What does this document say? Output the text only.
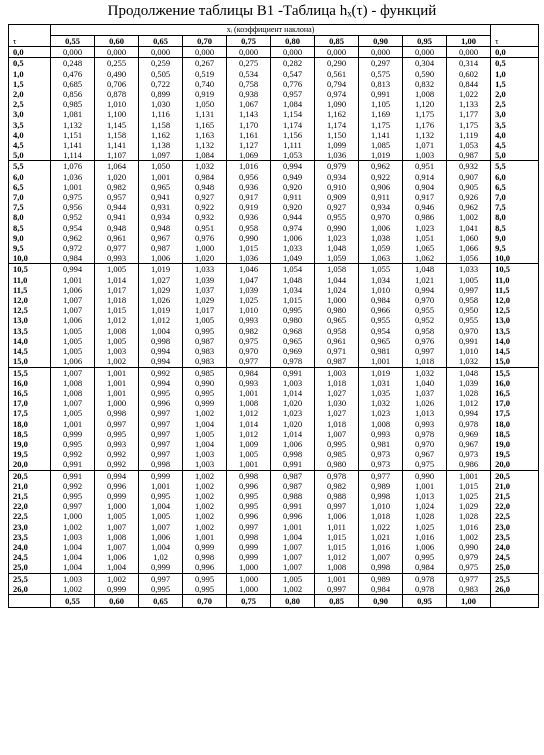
Продолжение таблицы В1 -Таблица hₓ(τ) - функций
	xᵢ (коэффициент наклона)										
τ	0,55	0,60	0,65	0,70	0,75	0,80	0,85	0,90	0,95	1,00	τ
0,0	0,000	0,000	0,000	0,000	0,000	0,000	0,000	0,000	0,000	0,000	0,0
0,5	0,248	0,255	0,259	0,267	0,275	0,282	0,290	0,297	0,304	0,314	0,5
1,0	0,476	0,490	0,505	0,519	0,534	0,547	0,561	0,575	0,590	0,602	1,0
1,5	0,685	0,706	0,722	0,740	0,758	0,776	0,794	0,813	0,832	0,844	1,5
2,0	0,856	0,878	0,899	0,919	0,938	0,957	0,974	0,991	1,008	1,022	2,0
2,5	0,985	1,010	1,030	1,050	1,067	1,084	1,090	1,105	1,120	1,133	2,5
3,0	1,081	1,100	1,116	1,131	1,143	1,154	1,162	1,169	1,175	1,177	3,0
3,5	1,132	1,145	1,158	1,165	1,170	1,174	1,174	1,175	1,176	1,175	3,5
4,0	1,151	1,158	1,162	1,163	1,161	1,156	1,150	1,141	1,132	1,119	4,0
4,5	1,141	1,141	1,138	1,132	1,127	1,111	1,099	1,085	1,071	1,053	4,5
5,0	1,114	1,107	1,097	1,084	1,069	1,053	1,036	1,019	1,003	0,987	5,0
5,5	1,076	1,064	1,050	1,032	1,016	0,994	0,979	0,962	0,951	0,932	5,5
6,0	1,036	1,020	1,001	0,984	0,956	0,949	0,934	0,922	0,914	0,907	6,0
6,5	1,001	0,982	0,965	0,948	0,936	0,920	0,910	0,906	0,904	0,905	6,5
7,0	0,975	0,957	0,941	0,927	0,917	0,911	0,909	0,911	0,917	0,926	7,0
7,5	0,956	0,944	0,931	0,922	0,919	0,920	0,927	0,934	0,946	0,962	7,5
8,0	0,952	0,941	0,934	0,932	0,936	0,944	0,955	0,970	0,986	1,002	8,0
8,5	0,954	0,948	0,948	0,951	0,958	0,974	0,990	1,006	1,023	1,041	8,5
9,0	0,962	0,961	0,967	0,976	0,990	1,006	1,023	1,038	1,051	1,060	9,0
9,5	0,972	0,977	0,987	1,000	1,015	1,033	1,048	1,059	1,065	1,066	9,5
10,0	0,984	0,993	1,006	1,020	1,036	1,049	1,059	1,063	1,062	1,056	10,0
10,5	0,994	1,005	1,019	1,033	1,046	1,054	1,058	1,055	1,048	1,033	10,5
11,0	1,001	1,014	1,027	1,039	1,047	1,048	1,044	1,034	1,021	1,005	11,0
11,5	1,006	1,017	1,029	1,037	1,039	1,034	1,024	1,010	0,994	0,997	11,5
12,0	1,007	1,018	1,026	1,029	1,025	1,015	1,000	0,984	0,970	0,958	12,0
12,5	1,007	1,015	1,019	1,017	1,010	0,995	0,980	0,966	0,955	0,950	12,5
13,0	1,006	1,012	1,012	1,005	0,993	0,980	0,965	0,955	0,952	0,955	13,0
13,5	1,005	1,008	1,004	0,995	0,982	0,968	0,958	0,954	0,958	0,970	13,5
14,0	1,005	1,005	0,998	0,987	0,975	0,965	0,961	0,965	0,976	0,991	14,0
14,5	1,005	1,003	0,994	0,983	0,970	0,969	0,971	0,981	0,997	1,010	14,5
15,0	1,006	1,002	0,994	0,983	0,977	0,978	0,987	1,001	1,018	1,032	15,0
15,5	1,007	1,001	0,992	0,985	0,984	0,991	1,003	1,019	1,032	1,048	15,5
16,0	1,008	1,001	0,994	0,990	0,993	1,003	1,018	1,031	1,040	1,039	16,0
16,5	1,008	1,001	0,995	0,995	1,001	1,014	1,027	1,035	1,037	1,028	16,5
17,0	1,007	1,000	0,996	0,999	1,008	1,020	1,030	1,032	1,026	1,012	17,0
17,5	1,005	0,998	0,997	1,002	1,012	1,023	1,027	1,023	1,013	0,994	17,5
18,0	1,001	0,997	0,997	1,004	1,014	1,020	1,018	1,008	0,993	0,978	18,0
18,5	0,999	0,995	0,997	1,005	1,012	1,014	1,007	0,993	0,978	0,969	18,5
19,0	0,995	0,993	0,997	1,004	1,009	1,006	0,995	0,981	0,970	0,967	19,0
19,5	0,992	0,992	0,997	1,003	1,005	0,998	0,985	0,973	0,967	0,973	19,5
20,0	0,991	0,992	0,998	1,003	1,001	0,991	0,980	0,973	0,975	0,986	20,0
20,5	0,991	0,994	0,999	1,002	0,998	0,987	0,978	0,977	0,990	1,001	20,5
21,0	0,992	0,996	1,001	1,002	0,996	0,987	0,982	0,989	1,001	1,015	21,0
21,5	0,995	0,999	0,995	1,002	0,995	0,988	0,988	0,998	1,013	1,025	21,5
22,0	0,997	1,000	1,004	1,002	0,995	0,991	0,997	1,010	1,024	1,029	22,0
22,5	1,000	1,005	1,005	1,002	0,996	0,996	1,006	1,018	1,028	1,028	22,5
23,0	1,002	1,007	1,007	1,002	0,997	1,001	1,011	1,022	1,025	1,016	23,0
23,5	1,003	1,008	1,006	1,001	0,998	1,004	1,015	1,021	1,016	1,002	23,5
24,0	1,004	1,007	1,004	0,999	0,999	1,007	1,015	1,016	1,006	0,990	24,0
24,5	1,004	1,006	1,02	0,998	0,999	1,007	1,012	1,007	0,995	0,979	24,5
25,0	1,004	1,004	0,999	0,996	1,000	1,007	1,008	0,998	0,984	0,975	25,0
25,5	1,003	1,002	0,997	0,995	1,000	1,005	1,001	0,989	0,978	0,977	25,5
26,0	1,002	0,999	0,995	0,995	1,000	1,002	0,997	0,984	0,978	0,983	26,0
	0,55	0,60	0,65	0,70	0,75	0,80	0,85	0,90	0,95	1,00	
